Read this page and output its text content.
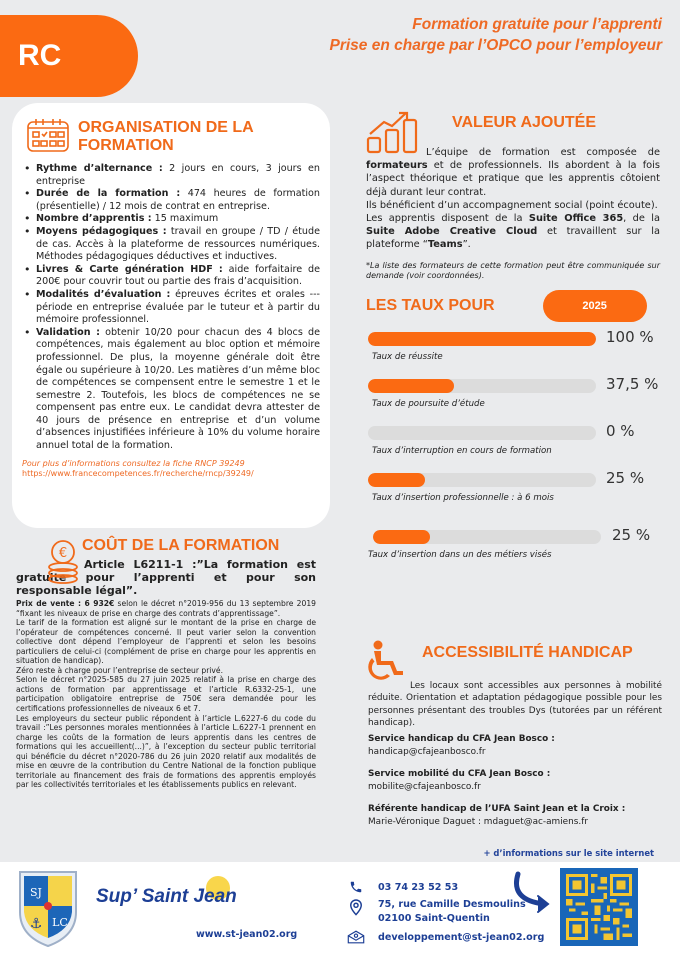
RC
Formation gratuite pour l’apprenti
Prise en charge par l’OPCO pour l’employeur
ORGANISATION DE LA FORMATION
• Rythme d’alternance : 2 jours en cours, 3 jours en entreprise
• Durée de la formation : 474 heures de formation (présentielle) / 12 mois de contrat en entreprise.
• Nombre d’apprentis : 15 maximum
• Moyens pédagogiques : travail en groupe / TD / étude de cas. Accès à la plateforme de ressources numériques. Méthodes pédagogiques déductives et inductives.
• Livres & Carte génération HDF : aide forfaitaire de 200€ pour couvrir tout ou partie des frais d’acquisition.
• Modalités d’évaluation : épreuves écrites et orales --- période en entreprise évaluée par le tuteur et à partir du mémoire professionnel.
• Validation : obtenir 10/20 pour chacun des 4 blocs de compétences, mais également au bloc option et mémoire professionnel. De plus, la moyenne générale doit être égale ou supérieure à 10/20. Les matières d’un même bloc de compétences se compensent entre le semestre 1 et le semestre 2. Toutefois, les blocs de compétences ne se compensent pas entre eux. Le candidat devra attester de 40 jours de présence en entreprise et d’un volume d’absences injustifiées inférieure à 10% du volume horaire annuel total de la formation.
Pour plus d’informations consultez la fiche RNCP 39249
https://www.francecompetences.fr/recherche/rncp/39249/
€ COÛT DE LA FORMATION
Article L6211-1 :”La formation est gratuite pour l’apprenti et pour son responsable légal”.

Prix de vente : 6 932€ selon le décret n°2019-956 du 13 septembre 2019 “fixant les niveaux de prise en charge des contrats d’apprentissage”.

Le tarif de la formation est aligné sur le montant de la prise en charge de l’opérateur de compétences concerné. Il peut varier selon la convention collective dont dépend l’employeur de l’apprenti et selon les besoins particuliers de celui-ci (complément de prise en charge pour les apprentis en situation de handicap).

Zéro reste à charge pour l’entreprise de secteur privé.

Selon le décret n°2025-585 du 27 juin 2025 relatif à la prise en charge des actions de formation par apprentissage et l’article R.6332-25-1, une participation obligatoire entreprise de 750€ sera demandée pour les certifications professionnelles de niveaux 6 et 7.

Les employeurs du secteur public répondent à l’article L.6227-6 du code du travail :”Les personnes morales mentionnées à l’article L.6227-1 prennent en charge les coûts de la formation de leurs apprentis dans les centres de formations qui les accueillent(...)”, à l’exception du secteur public territorial qui bénéficie du décret n°2020-786 du 26 juin 2020 relatif aux modalités de mise en œuvre de la contribution du Centre National de la fonction publique territoriale au financement des frais de formations des apprentis employés par les collectivités territoriales et les établissements publics en relevant.

VALEUR AJOUTÉE

L’équipe de formation est composée de formateurs et de professionnels. Ils abordent à la fois l’aspect théorique et pratique que les apprentis côtoient déjà durant leur contrat.

Ils bénéficient d’un accompagnement social (point écoute).

Les apprentis disposent de la Suite Office 365, de la Suite Adobe Creative Cloud et travaillent sur la plateforme “Teams”.

*La liste des formateurs de cette formation peut être communiquée sur demande (voir coordonnées).
LES TAUX POUR	2025
100 %
Taux de réussite
37,5 %
Taux de poursuite d’étude
0 %
Taux d’interruption en cours de formation
25 %
Taux d’insertion professionnelle : à 6 mois
25 %
Taux d’insertion dans un des métiers visés
ACCESSIBILITÉ HANDICAP

Les locaux sont accessibles aux personnes à mobilité réduite. Orientation et adaptation pédagogique possible pour les personnes présentant des troubles Dys (tutorées par un référent handicap).

Service handicap du CFA Jean Bosco :
handicap@cfajeanbosco.fr
Service mobilité du CFA Jean Bosco :
mobilite@cfajeanbosco.fr
Référente handicap de l’UFA Saint Jean et la Croix :
Marie-Véronique Daguet : mdaguet@ac-amiens.fr
+ d’informations sur le site internet
SJ
LC
⚓
Sup’ Saint Jean
www.st-jean02.org
03 74 23 52 53
75, rue Camille Desmoulins
02100 Saint-Quentin
developpement@st-jean02.org
